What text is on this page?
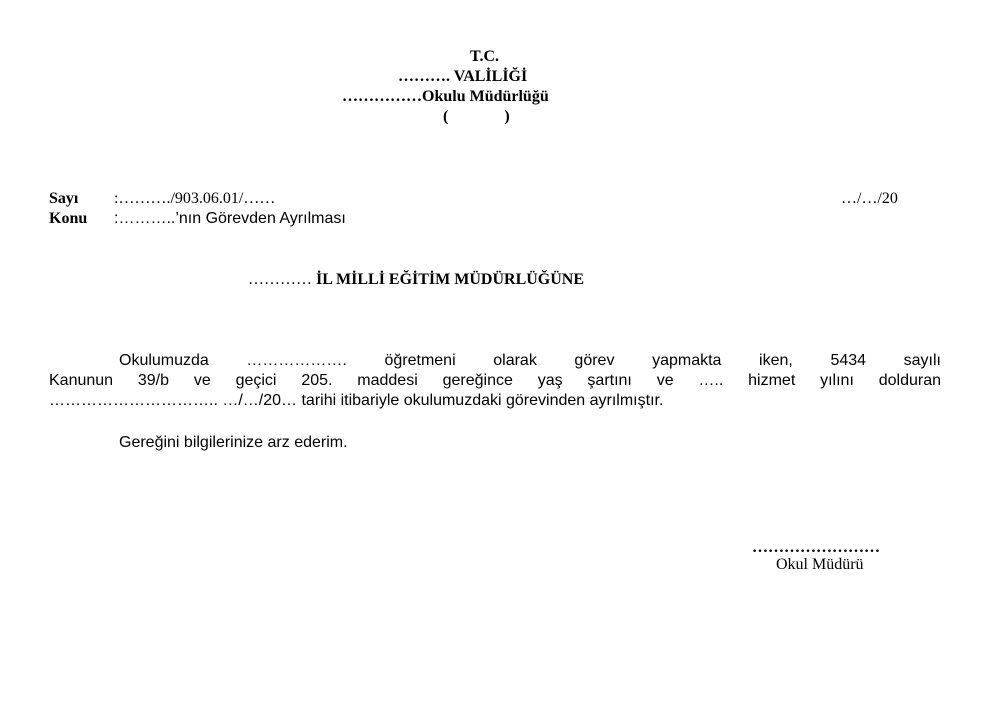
T.C.
………. VALİLİĞİ
……………Okulu Müdürlüğü
(              )
Sayı :………./903.06.01/……	…/…/20
Konu :………..’nın Görevden Ayrılması
………… İL MİLLİ EĞİTİM MÜDÜRLÜĞÜNE
Okulumuzda ………………. öğretmeni olarak görev yapmakta iken, 5434 sayılı
Kanunun 39/b ve geçici 205. maddesi gereğince yaş şartını ve ….. hizmet yılını dolduran
………………………….. …/…/20… tarihi itibariyle okulumuzdaki görevinden ayrılmıştır.
Gereğini bilgilerinize arz ederim.
……………………
Okul Müdürü
